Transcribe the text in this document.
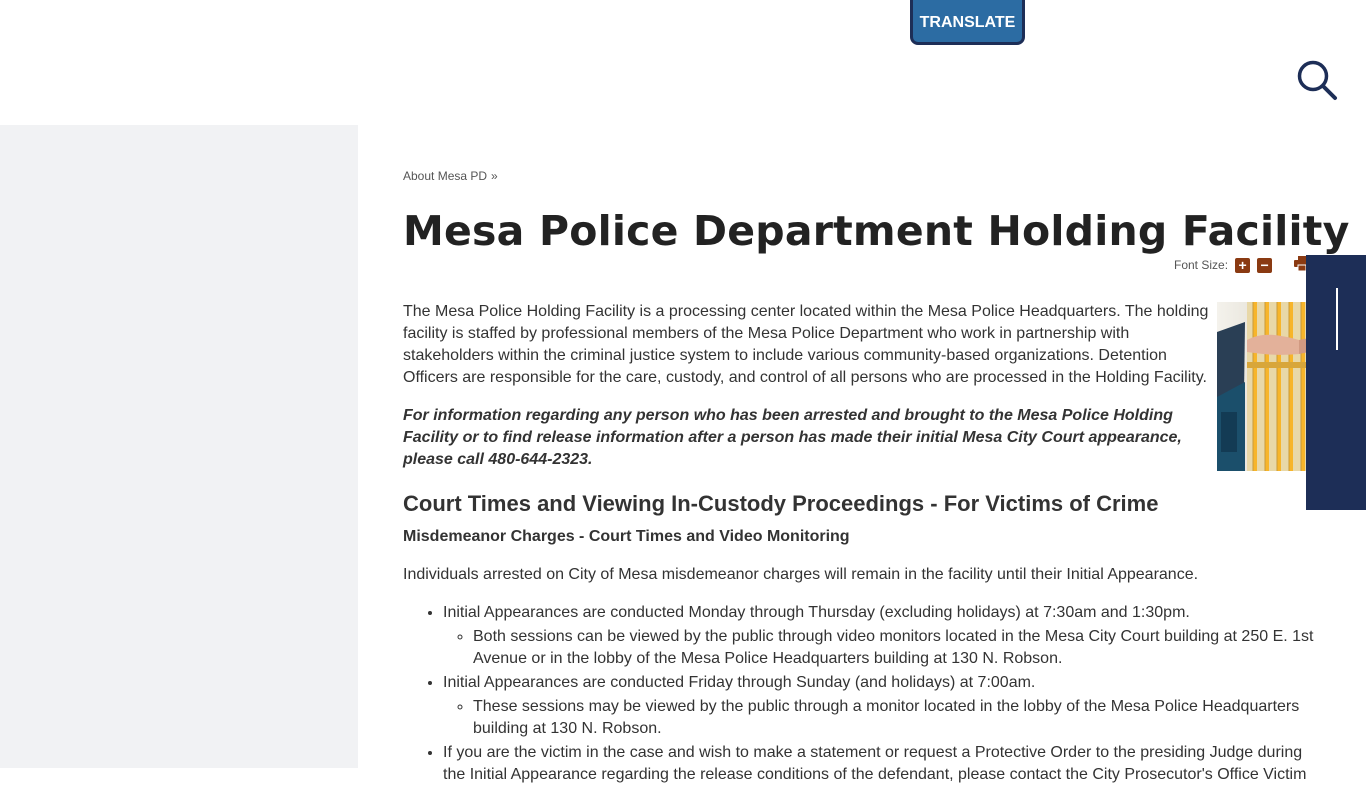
TRANSLATE
About Mesa PD »
Mesa Police Department Holding Facility
Font Size: + −

The Mesa Police Holding Facility is a processing center located within the Mesa Police Headquarters. The holding facility is staffed by professional members of the Mesa Police Department who work in partnership with stakeholders within the criminal justice system to include various community-based organizations. Detention Officers are responsible for the care, custody, and control of all persons who are processed in the Holding Facility.

For information regarding any person who has been arrested and brought to the Mesa Police Holding Facility or to find release information after a person has made their initial Mesa City Court appearance, please call 480-644-2323.

Court Times and Viewing In-Custody Proceedings - For Victims of Crime

Misdemeanor Charges - Court Times and Video Monitoring

Individuals arrested on City of Mesa misdemeanor charges will remain in the facility until their Initial Appearance.

• Initial Appearances are conducted Monday through Thursday (excluding holidays) at 7:30am and 1:30pm.
◦ Both sessions can be viewed by the public through video monitors located in the Mesa City Court building at 250 E. 1st Avenue or in the lobby of the Mesa Police Headquarters building at 130 N. Robson.
• Initial Appearances are conducted Friday through Sunday (and holidays) at 7:00am.
◦ These sessions may be viewed by the public through a monitor located in the lobby of the Mesa Police Headquarters building at 130 N. Robson.
• If you are the victim in the case and wish to make a statement or request a Protective Order to the presiding Judge during the Initial Appearance regarding the release conditions of the defendant, please contact the City Prosecutor's Office Victim
I Want To
